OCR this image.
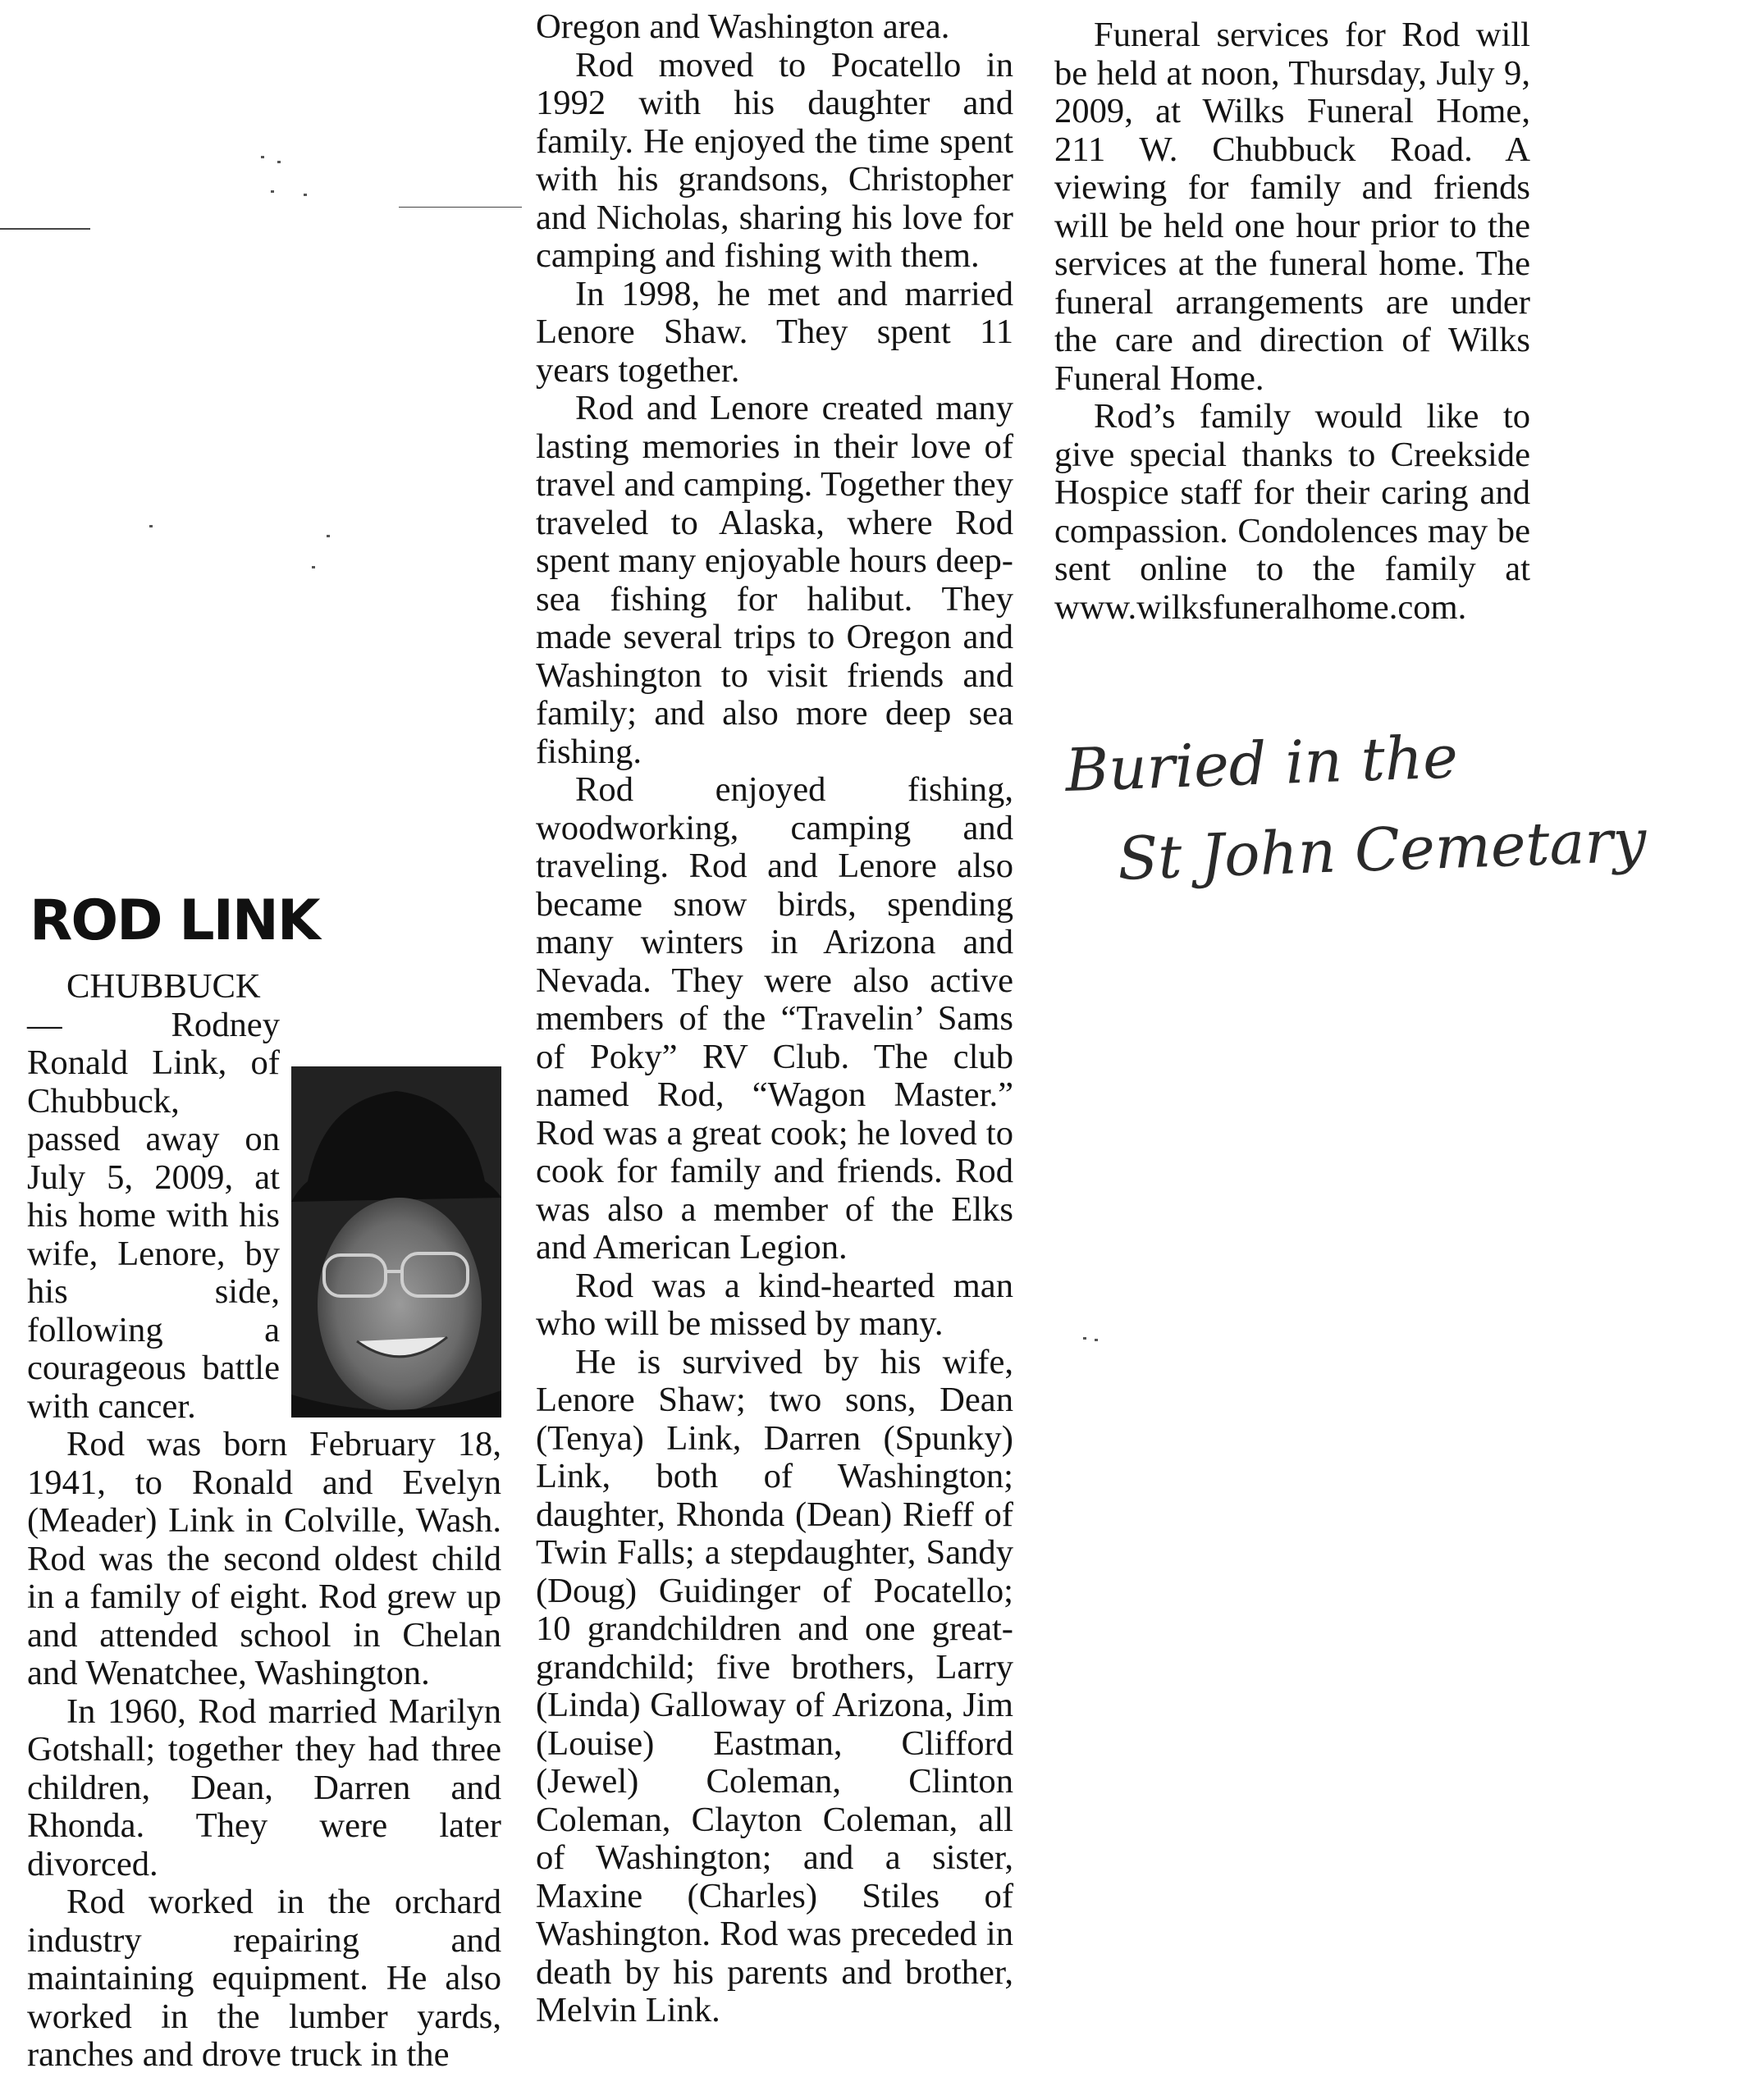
ROD LINK

CHUBBUCK — Rodney Ronald Link, of Chubbuck, passed away on July 5, 2009, at his home with his wife, Lenore, by his side, following a courageous battle with cancer.

Rod was born February 18, 1941, to Ronald and Evelyn (Meader) Link in Colville, Wash. Rod was the second oldest child in a family of eight. Rod grew up and attended school in Chelan and Wenatchee, Washington.

In 1960, Rod married Marilyn Gotshall; together they had three children, Dean, Darren and Rhonda. They were later divorced.

Rod worked in the orchard industry repairing and maintaining equipment. He also worked in the lumber yards, ranches and drove truck in the

Oregon and Washington area.

Rod moved to Pocatello in 1992 with his daughter and family. He enjoyed the time spent with his grandsons, Christopher and Nicholas, sharing his love for camping and fishing with them.

In 1998, he met and married Lenore Shaw. They spent 11 years together.

Rod and Lenore created many lasting memories in their love of travel and camping. Together they traveled to Alaska, where Rod spent many enjoyable hours deep-sea fishing for halibut. They made several trips to Oregon and Washington to visit friends and family; and also more deep sea fishing.

Rod enjoyed fishing, woodworking, camping and traveling. Rod and Lenore also became snow birds, spending many winters in Arizona and Nevada. They were also active members of the “Travelin’ Sams of Poky” RV Club. The club named Rod, “Wagon Master.” Rod was a great cook; he loved to cook for family and friends. Rod was also a member of the Elks and American Legion.

Rod was a kind-hearted man who will be missed by many.

He is survived by his wife, Lenore Shaw; two sons, Dean (Tenya) Link, Darren (Spunky) Link, both of Washington; daughter, Rhonda (Dean) Rieff of Twin Falls; a stepdaughter, Sandy (Doug) Guidinger of Pocatello; 10 grandchildren and one great-grandchild; five brothers, Larry (Linda) Galloway of Arizona, Jim (Louise) Eastman, Clifford (Jewel) Coleman, Clinton Coleman, Clayton Coleman, all of Washington; and a sister, Maxine (Charles) Stiles of Washington. Rod was preceded in death by his parents and brother, Melvin Link.

Funeral services for Rod will be held at noon, Thursday, July 9, 2009, at Wilks Funeral Home, 211 W. Chubbuck Road. A viewing for family and friends will be held one hour prior to the services at the funeral home. The funeral arrangements are under the care and direction of Wilks Funeral Home.

Rod’s family would like to give special thanks to Creekside Hospice staff for their caring and compassion. Condolences may be sent online to the family at www.wilksfuneralhome.com.

Buried in the
St John Cemetary
